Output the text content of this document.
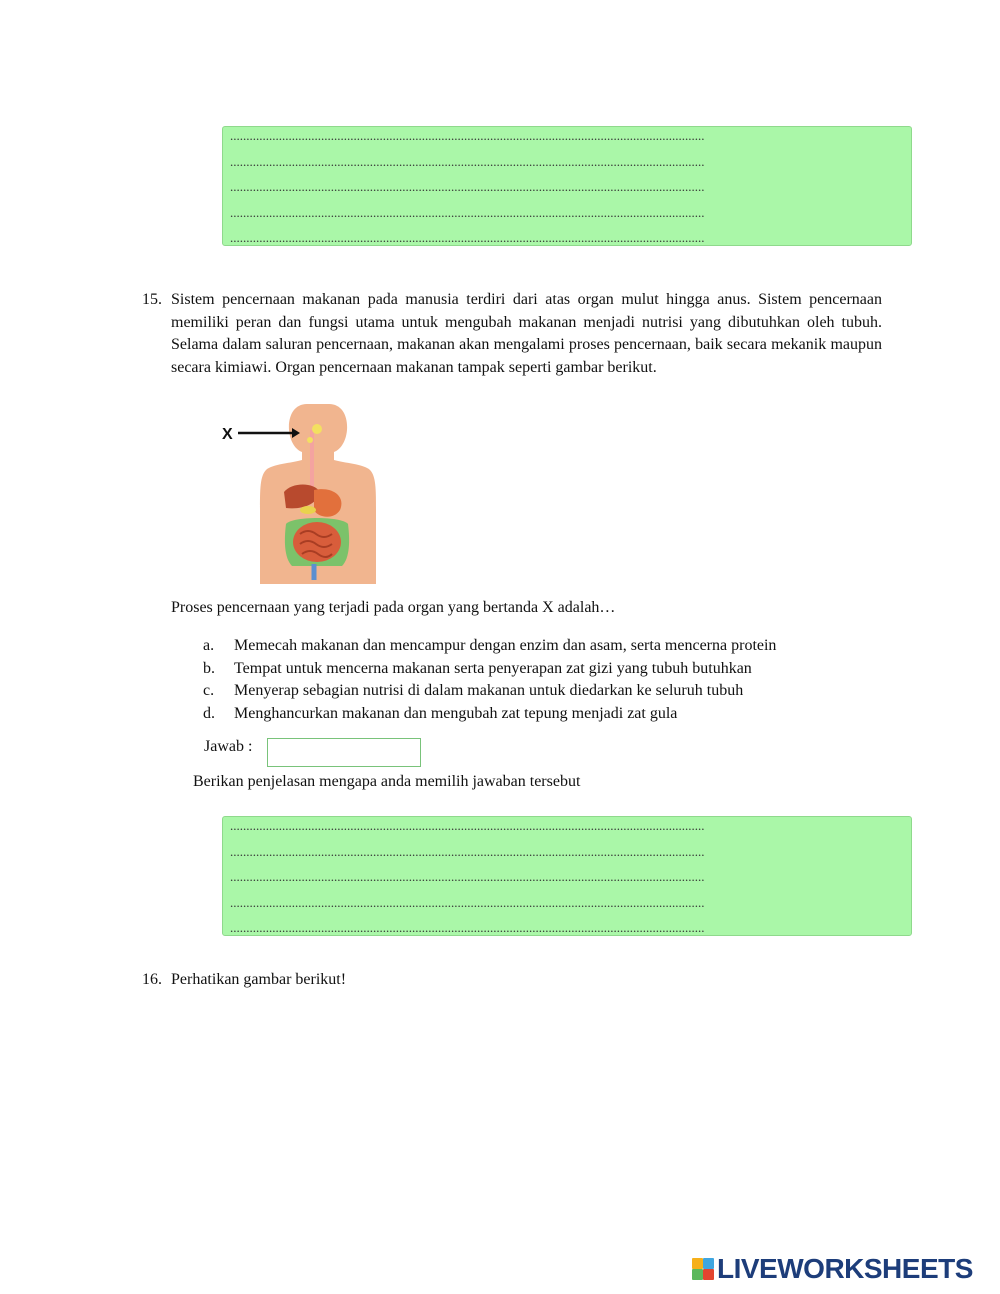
..................................................................................................................................................
..................................................................................................................................................
..................................................................................................................................................
..................................................................................................................................................
..................................................................................................................................................
15. Sistem pencernaan makanan pada manusia terdiri dari atas organ mulut hingga anus. Sistem pencernaan memiliki peran dan fungsi utama untuk mengubah makanan menjadi nutrisi yang dibutuhkan oleh tubuh. Selama dalam saluran pencernaan, makanan akan mengalami proses pencernaan, baik secara mekanik maupun secara kimiawi. Organ pencernaan makanan tampak seperti gambar berikut.
X
Proses pencernaan yang terjadi pada organ yang bertanda X adalah…
a.	Memecah makanan dan mencampur dengan enzim dan asam, serta mencerna protein
b.	Tempat untuk mencerna makanan serta penyerapan zat gizi yang tubuh butuhkan
c.	Menyerap sebagian nutrisi di dalam makanan untuk diedarkan ke seluruh tubuh
d.	Menghancurkan makanan dan mengubah zat tepung menjadi zat gula
Jawab :
Berikan penjelasan mengapa anda memilih jawaban tersebut
..................................................................................................................................................
..................................................................................................................................................
..................................................................................................................................................
..................................................................................................................................................
..................................................................................................................................................
16. Perhatikan gambar berikut!
LIVEWORKSHEETS
